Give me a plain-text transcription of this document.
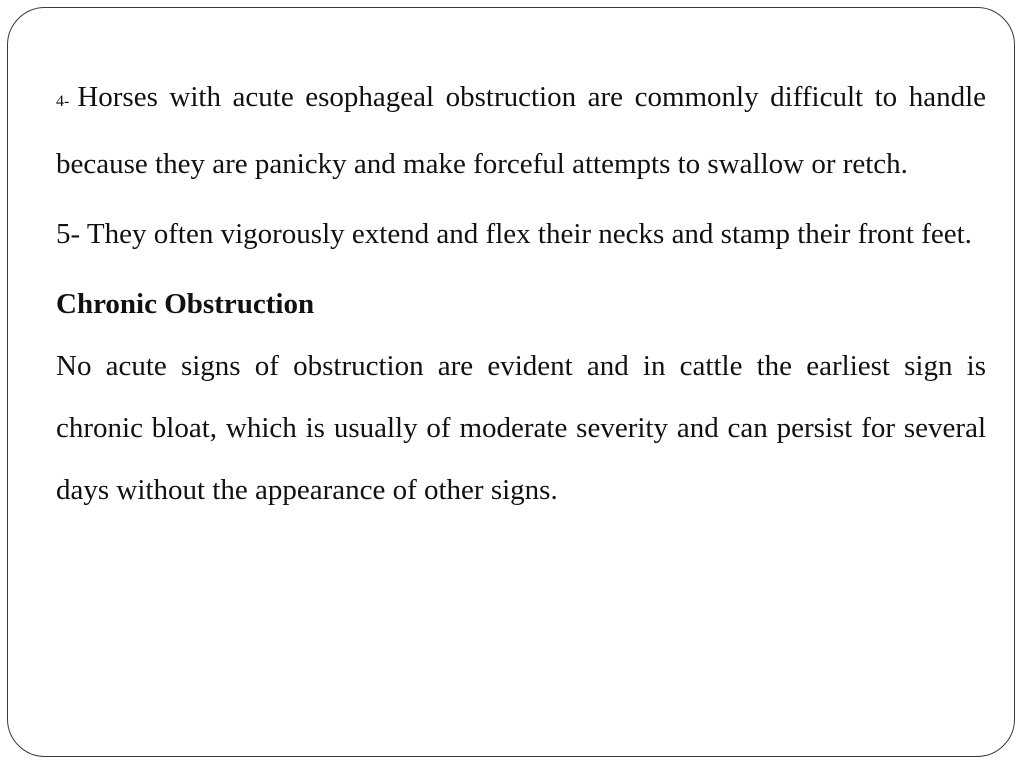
4- Horses with acute esophageal obstruction are commonly difficult to handle because they are panicky and make forceful attempts to swallow or retch.

5- They often vigorously extend and flex their necks and stamp their front feet.

Chronic Obstruction

No acute signs of obstruction are evident and in cattle the earliest sign is chronic bloat, which is usually of moderate severity and can persist for several days without the appearance of other signs.
